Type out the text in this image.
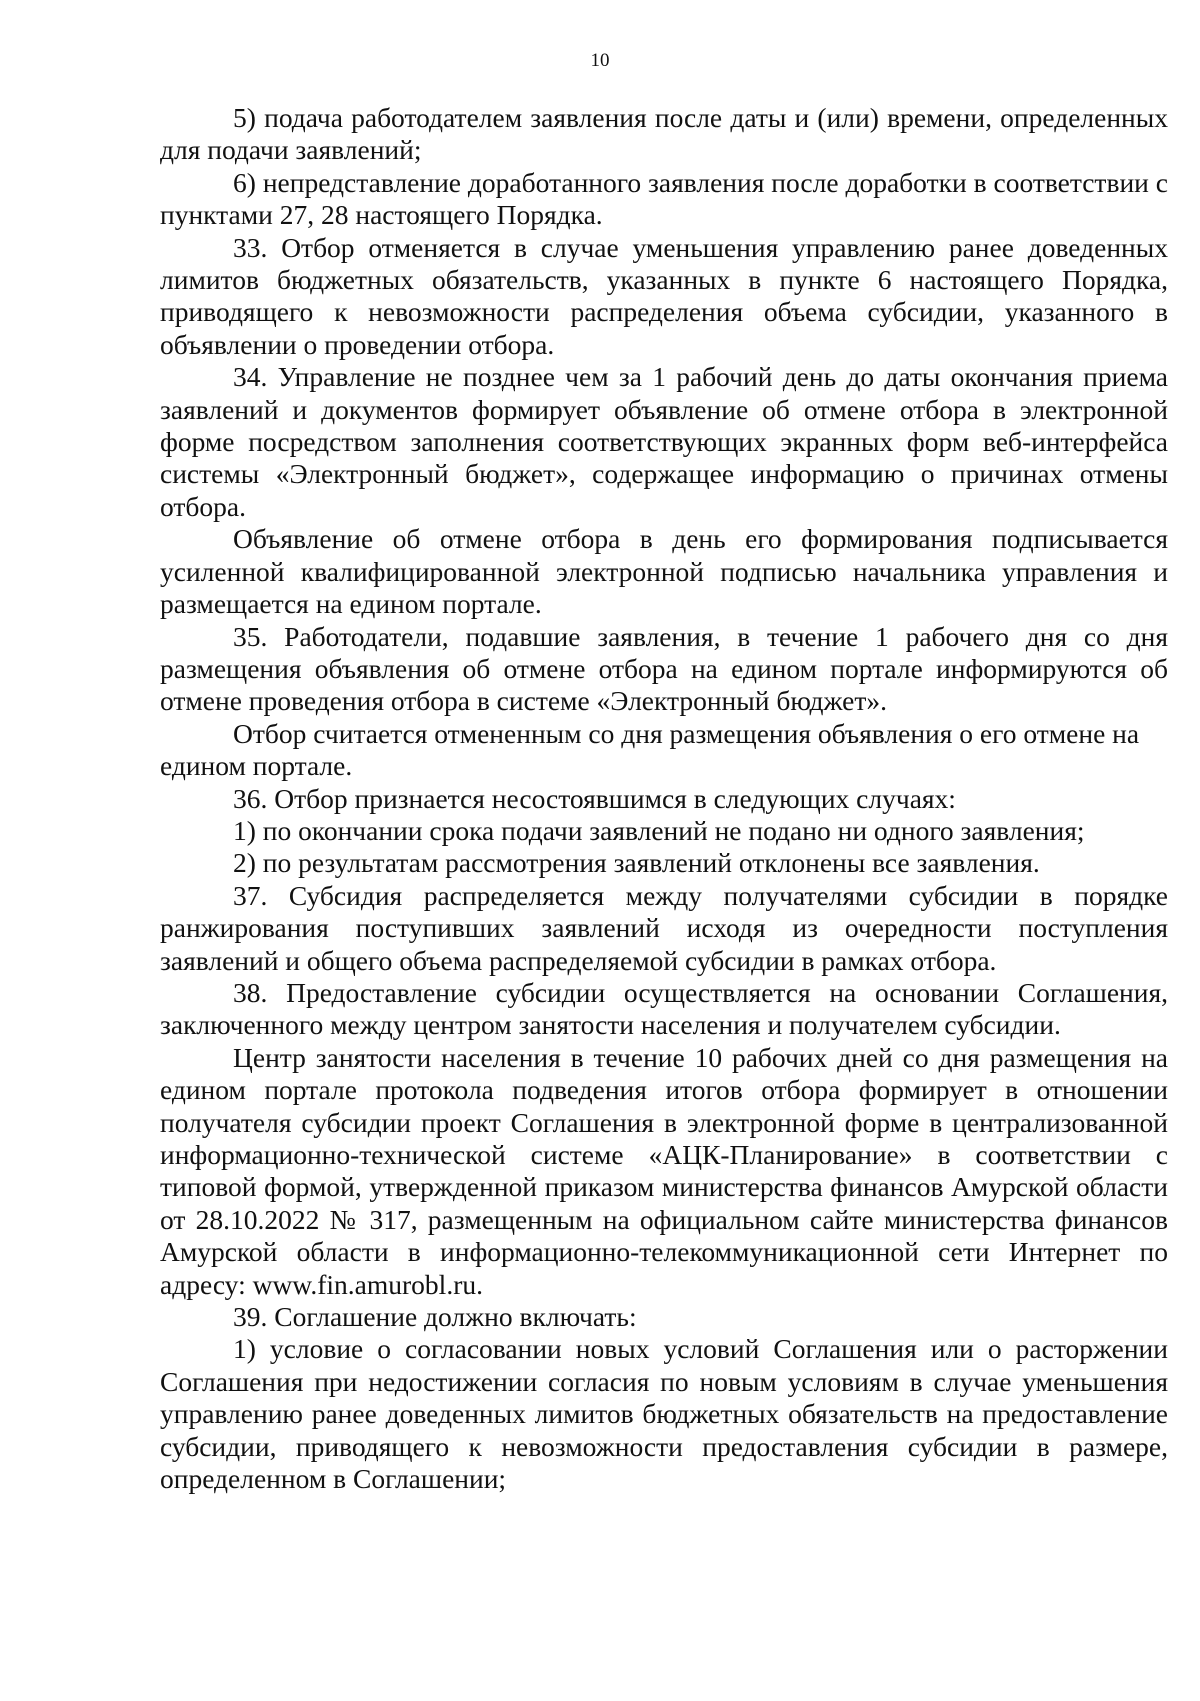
10

5) подача работодателем заявления после даты и (или) времени, определенных для подачи заявлений;

6) непредставление доработанного заявления после доработки в соответствии с пунктами 27, 28 настоящего Порядка.

33. Отбор отменяется в случае уменьшения управлению ранее доведенных лимитов бюджетных обязательств, указанных в пункте 6 настоящего Порядка, приводящего к невозможности распределения объема субсидии, указанного в объявлении о проведении отбора.

34. Управление не позднее чем за 1 рабочий день до даты окончания приема заявлений и документов формирует объявление об отмене отбора в электронной форме посредством заполнения соответствующих экранных форм веб-интерфейса системы «Электронный бюджет», содержащее информацию о причинах отмены отбора.

Объявление об отмене отбора в день его формирования подписывается усиленной квалифицированной электронной подписью начальника управления и размещается на едином портале.

35. Работодатели, подавшие заявления, в течение 1 рабочего дня со дня размещения объявления об отмене отбора на едином портале информируются об отмене проведения отбора в системе «Электронный бюджет».

Отбор считается отмененным со дня размещения объявления о его отмене на едином портале.

36. Отбор признается несостоявшимся в следующих случаях:

1) по окончании срока подачи заявлений не подано ни одного заявления;

2) по результатам рассмотрения заявлений отклонены все заявления.

37. Субсидия распределяется между получателями субсидии в порядке ранжирования поступивших заявлений исходя из очередности поступления заявлений и общего объема распределяемой субсидии в рамках отбора.

38. Предоставление субсидии осуществляется на основании Соглашения, заключенного между центром занятости населения и получателем субсидии.

Центр занятости населения в течение 10 рабочих дней со дня размещения на едином портале протокола подведения итогов отбора формирует в отношении получателя субсидии проект Соглашения в электронной форме в централизованной информационно-технической системе «АЦК-Планирование» в соответствии с типовой формой, утвержденной приказом министерства финансов Амурской области от 28.10.2022 № 317, размещенным на официальном сайте министерства финансов Амурской области в информационно-телекоммуникационной сети Интернет по адресу: www.fin.amurobl.ru.

39. Соглашение должно включать:

1) условие о согласовании новых условий Соглашения или о расторжении Соглашения при недостижении согласия по новым условиям в случае уменьшения управлению ранее доведенных лимитов бюджетных обязательств на предоставление субсидии, приводящего к невозможности предоставления субсидии в размере, определенном в Соглашении;
